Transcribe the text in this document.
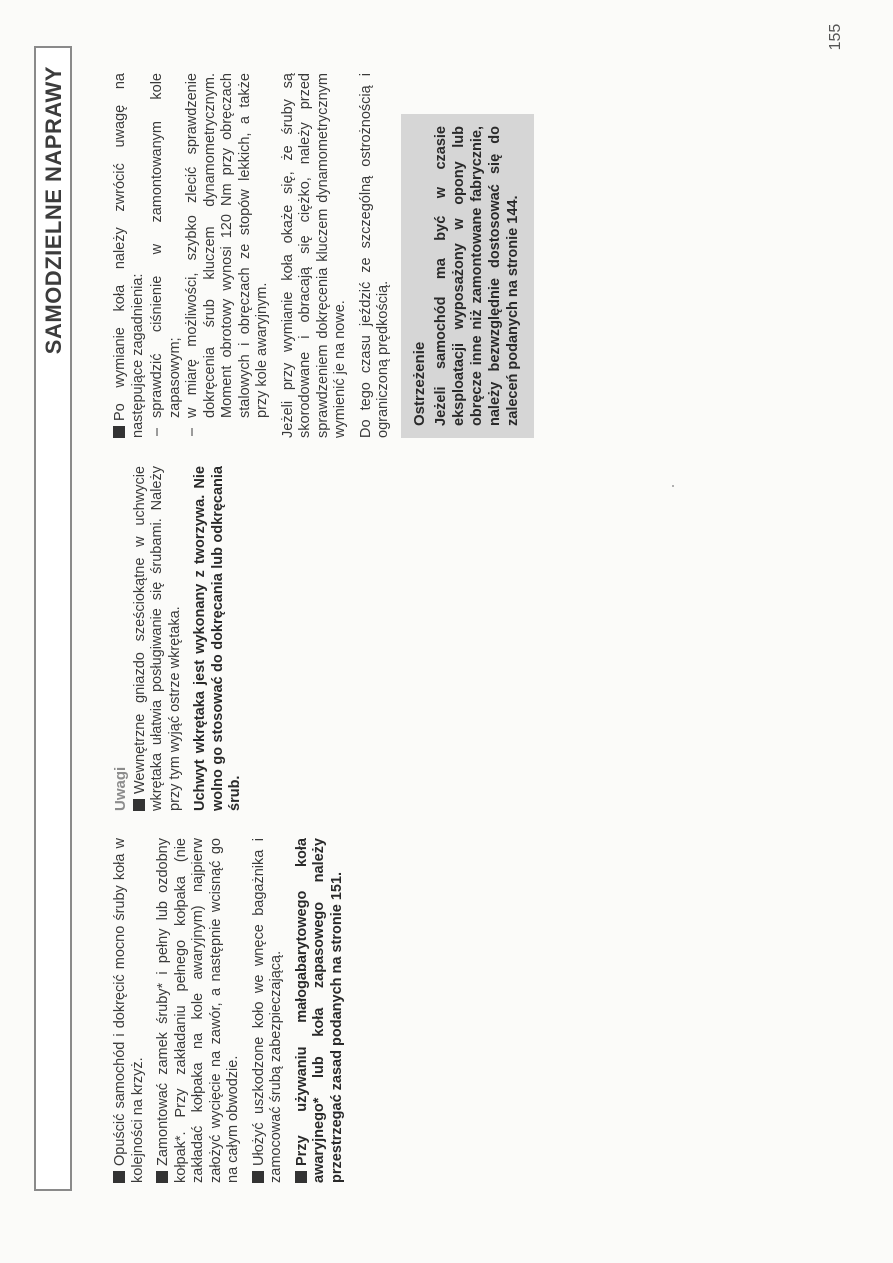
155
SAMODZIELNE NAPRAWY

Opuścić samochód i dokręcić mocno śruby koła w kolejności na krzyż. Zamontować zamek śruby* i pełny lub ozdobny kołpak*. Przy zakładaniu pełnego kołpaka (nie zakładać kołpaka na kole awaryjnym) najpierw założyć wycięcie na zawór, a następnie wcisnąć go na całym obwodzie. Ułożyć uszkodzone koło we wnęce bagażnika i zamocować śrubą zabezpieczającą. Przy używaniu małogabarytowego koła awaryjnego* lub koła zapasowego należy przestrzegać zasad podanych na stronie 151.

Uwagi Wewnętrzne gniazdo sześciokątne w uchwycie wkrętaka ułatwia posługiwanie się śrubami. Należy przy tym wyjąć ostrze wkrętaka. Uchwyt wkrętaka jest wykonany z tworzywa. Nie wolno go stosować do dokręcania lub odkręcania śrub.

Po wymianie koła należy zwrócić uwagę na następujące zagadnienia: – sprawdzić ciśnienie w zamontowanym kole zapasowym; – w miarę możliwości, szybko zlecić sprawdzenie dokręcenia śrub kluczem dynamometrycznym. Moment obrotowy wynosi 120 Nm przy obręczach stalowych i obręczach ze stopów lekkich, a także przy kole awaryjnym. Jeżeli przy wymianie koła okaże się, że śruby są skorodowane i obracają się ciężko, należy przed sprawdzeniem dokręcenia kluczem dynamometrycznym wymienić je na nowe. Do tego czasu jeździć ze szczególną ostrożnością i ograniczoną prędkością. Ostrzeżenie Jeżeli samochód ma być w czasie eksploatacji wyposażony w opony lub obręcze inne niż zamontowane fabrycznie, należy bezwzględnie dostosować się do zaleceń podanych na stronie 144.
